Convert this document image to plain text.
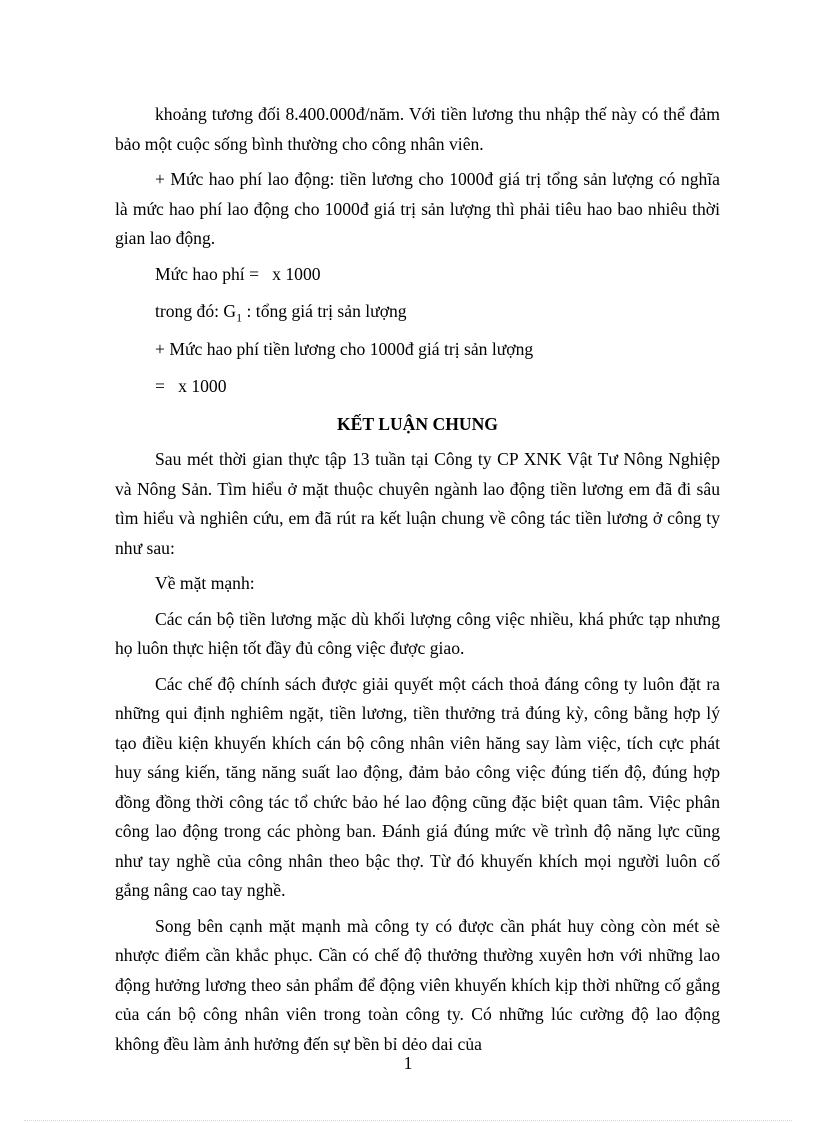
khoảng tương đối 8.400.000đ/năm. Với tiền lương thu nhập thế này có thể đảm bảo một cuộc sống bình thường cho công nhân viên.

+ Mức hao phí lao động: tiền lương cho 1000đ giá trị tổng sản lượng có nghĩa là mức hao phí lao động cho 1000đ giá trị sản lượng thì phải tiêu hao bao nhiêu thời gian lao động.

Mức hao phí =   x 1000
trong đó: $G_1$ : tổng giá trị sản lượng
+ Mức hao phí tiền lương cho 1000đ giá trị sản lượng
=   x 1000
KẾT LUẬN CHUNG

Sau mét thời gian thực tập 13 tuần tại Công ty CP XNK Vật Tư Nông Nghiệp và Nông Sản. Tìm hiểu ở mặt thuộc chuyên ngành lao động tiền lương em đã đi sâu tìm hiểu và nghiên cứu, em đã rút ra kết luận chung về công tác tiền lương ở công ty như sau:

Về mặt mạnh:

Các cán bộ tiền lương mặc dù khối lượng công việc nhiều, khá phức tạp nhưng họ luôn thực hiện tốt đầy đủ công việc được giao.

Các chế độ chính sách được giải quyết một cách thoả đáng công ty luôn đặt ra những qui định nghiêm ngặt, tiền lương, tiền thưởng trả đúng kỳ, công bằng hợp lý tạo điều kiện khuyến khích cán bộ công nhân viên hăng say làm việc, tích cực phát huy sáng kiến, tăng năng suất lao động, đảm bảo công việc đúng tiến độ, đúng hợp đồng đồng thời công tác tổ chức bảo hé lao động cũng đặc biệt quan tâm. Việc phân công lao động trong các phòng ban. Đánh giá đúng mức về trình độ năng lực cũng như tay nghề của công nhân theo bậc thợ. Từ đó khuyến khích mọi người luôn cố gắng nâng cao tay nghề.

Song bên cạnh mặt mạnh mà công ty có được cần phát huy còng còn mét sè nhược điểm cần khắc phục. Cần có chế độ thưởng thường xuyên hơn với những lao động hưởng lương theo sản phẩm để động viên khuyến khích kịp thời những cố gắng của cán bộ công nhân viên trong toàn công ty. Có những lúc cường độ lao động không đều làm ảnh hưởng đến sự bền bỉ dẻo dai của

1
